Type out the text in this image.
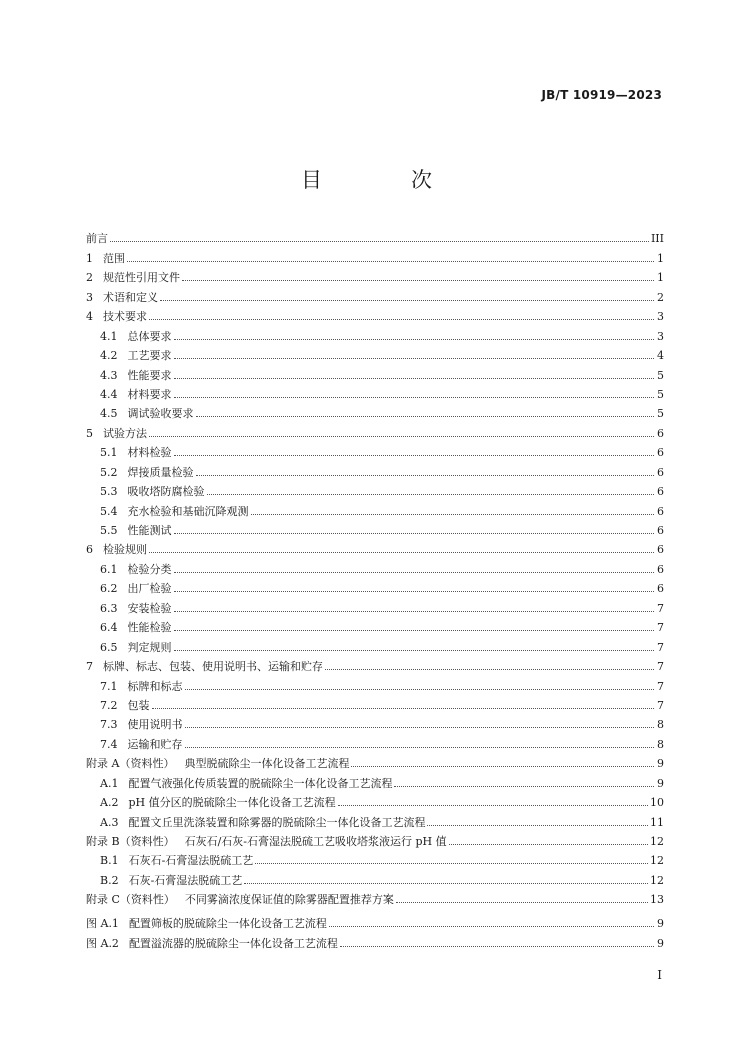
JB/T 10919—2023
目　次
前言	III
1 范围	1
2 规范性引用文件	1
3 术语和定义	2
4 技术要求	3
4.1 总体要求	3
4.2 工艺要求	4
4.3 性能要求	5
4.4 材料要求	5
4.5 调试验收要求	5
5 试验方法	6
5.1 材料检验	6
5.2 焊接质量检验	6
5.3 吸收塔防腐检验	6
5.4 充水检验和基础沉降观测	6
5.5 性能测试	6
6 检验规则	6
6.1 检验分类	6
6.2 出厂检验	6
6.3 安装检验	7
6.4 性能检验	7
6.5 判定规则	7
7 标牌、标志、包装、使用说明书、运输和贮存	7
7.1 标牌和标志	7
7.2 包装	7
7.3 使用说明书	8
7.4 运输和贮存	8
附录 A（资料性） 典型脱硫除尘一体化设备工艺流程	9
A.1 配置气液强化传质装置的脱硫除尘一体化设备工艺流程	9
A.2 pH 值分区的脱硫除尘一体化设备工艺流程	10
A.3 配置文丘里洗涤装置和除雾器的脱硫除尘一体化设备工艺流程	11
附录 B（资料性） 石灰石/石灰-石膏湿法脱硫工艺吸收塔浆液运行 pH 值	12
B.1 石灰石-石膏湿法脱硫工艺	12
B.2 石灰-石膏湿法脱硫工艺	12
附录 C（资料性） 不同雾滴浓度保证值的除雾器配置推荐方案	13
图 A.1 配置筛板的脱硫除尘一体化设备工艺流程	9
图 A.2 配置溢流器的脱硫除尘一体化设备工艺流程	9
I
